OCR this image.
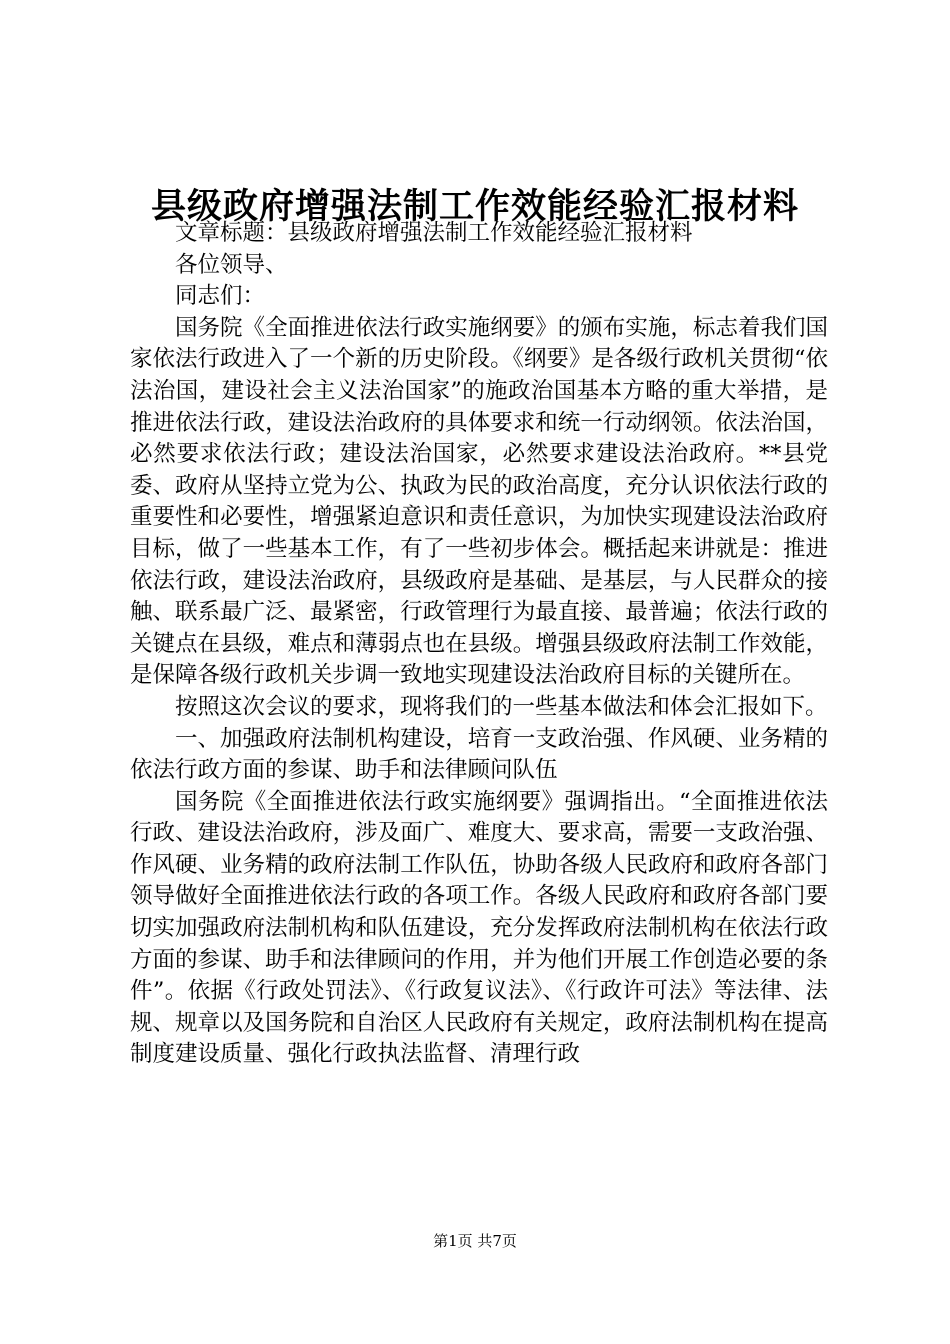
县级政府增强法制工作效能经验汇报材料

文章标题：县级政府增强法制工作效能经验汇报材料

各位领导、

同志们：

国务院《全面推进依法行政实施纲要》的颁布实施，标志着我们国家依法行政进入了一个新的历史阶段。《纲要》是各级行政机关贯彻“依法治国，建设社会主义法治国家”的施政治国基本方略的重大举措，是推进依法行政，建设法治政府的具体要求和统一行动纲领。依法治国，必然要求依法行政；建设法治国家，必然要求建设法治政府。**县党委、政府从坚持立党为公、执政为民的政治高度，充分认识依法行政的重要性和必要性，增强紧迫意识和责任意识，为加快实现建设法治政府目标，做了一些基本工作，有了一些初步体会。概括起来讲就是：推进依法行政，建设法治政府，县级政府是基础、是基层，与人民群众的接触、联系最广泛、最紧密，行政管理行为最直接、最普遍；依法行政的关键点在县级，难点和薄弱点也在县级。增强县级政府法制工作效能，是保障各级行政机关步调一致地实现建设法治政府目标的关键所在。

按照这次会议的要求，现将我们的一些基本做法和体会汇报如下。

一、加强政府法制机构建设，培育一支政治强、作风硬、业务精的依法行政方面的参谋、助手和法律顾问队伍

国务院《全面推进依法行政实施纲要》强调指出。“全面推进依法行政、建设法治政府，涉及面广、难度大、要求高，需要一支政治强、作风硬、业务精的政府法制工作队伍，协助各级人民政府和政府各部门领导做好全面推进依法行政的各项工作。各级人民政府和政府各部门要切实加强政府法制机构和队伍建设，充分发挥政府法制机构在依法行政方面的参谋、助手和法律顾问的作用，并为他们开展工作创造必要的条件”。依据《行政处罚法》、《行政复议法》、《行政许可法》等法律、法规、规章以及国务院和自治区人民政府有关规定，政府法制机构在提高制度建设质量、强化行政执法监督、清理行政

第1页 共7页
